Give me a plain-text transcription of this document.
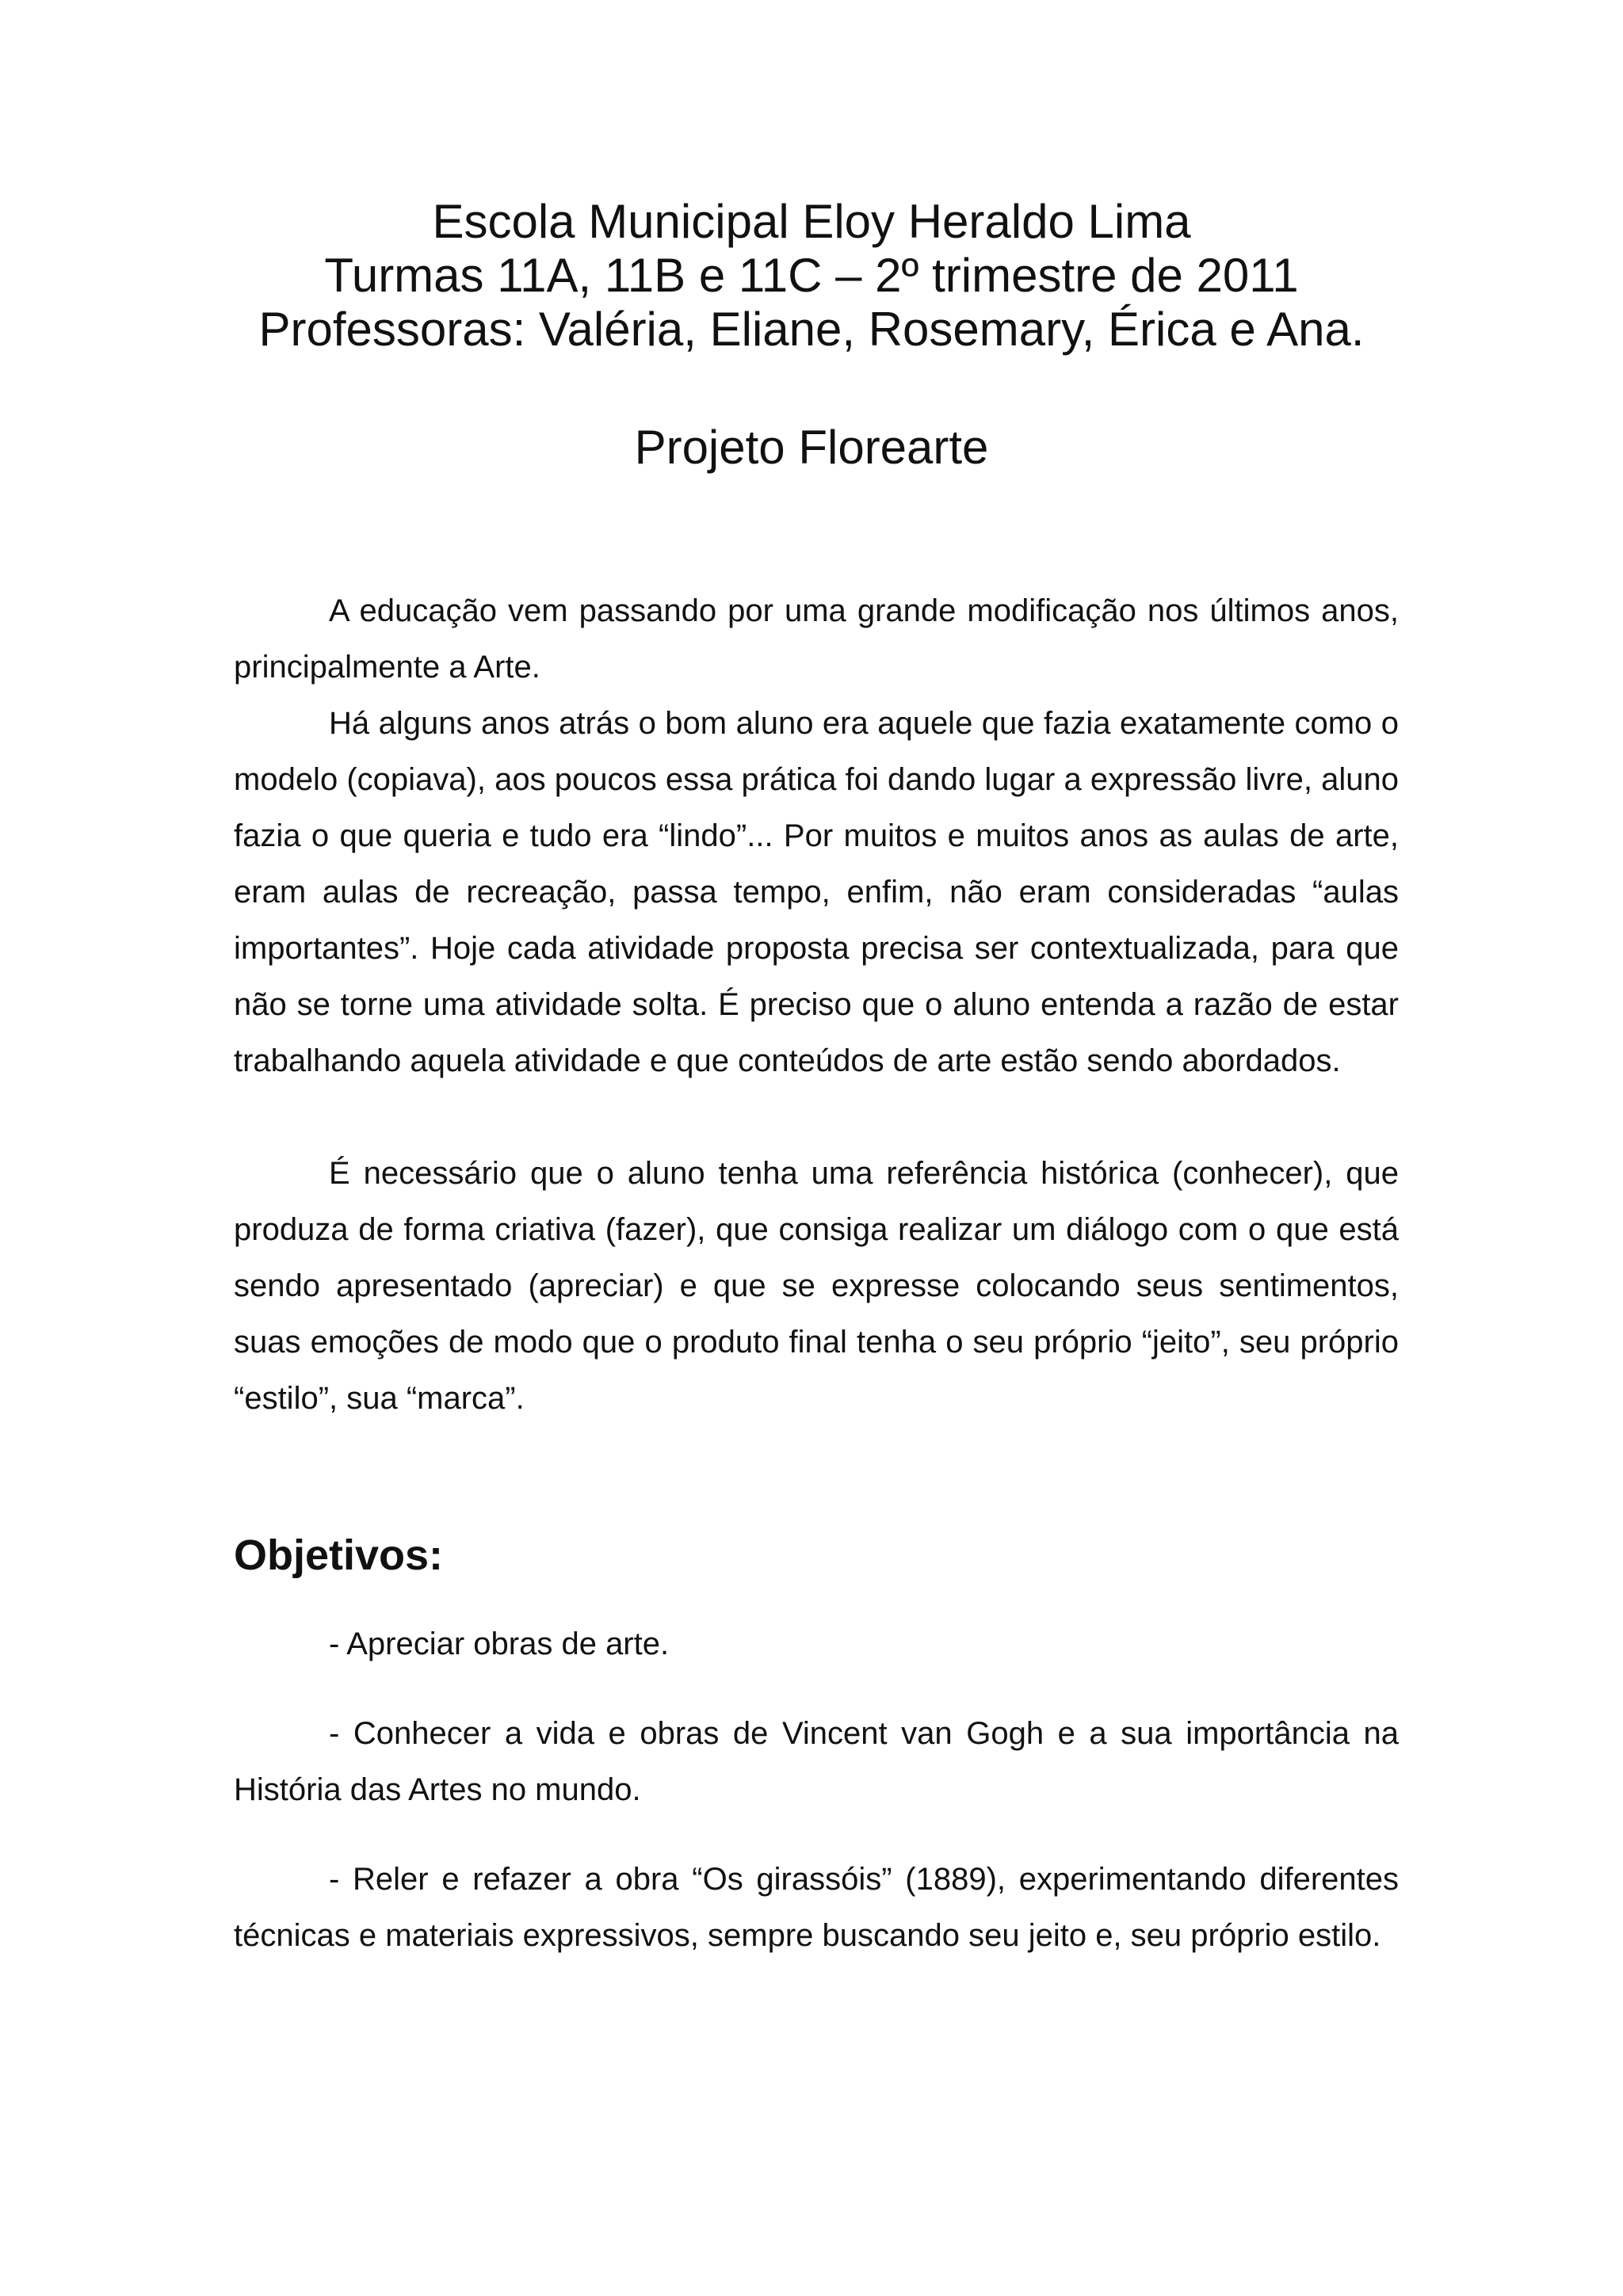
Escola Municipal Eloy Heraldo Lima

Turmas 11A, 11B e 11C – 2º trimestre de 2011

Professoras: Valéria, Eliane, Rosemary, Érica e Ana.

Projeto Florearte

A educação vem passando por uma grande modificação nos últimos anos, principalmente a Arte.

Há alguns anos atrás o bom aluno era aquele que fazia exatamente como o modelo (copiava), aos poucos essa prática foi dando lugar a expressão livre, aluno fazia o que queria e tudo era “lindo”... Por muitos e muitos anos as aulas de arte, eram aulas de recreação, passa tempo, enfim, não eram consideradas “aulas importantes”. Hoje cada atividade proposta precisa ser contextualizada, para que não se torne uma atividade solta. É preciso que o aluno entenda a razão de estar trabalhando aquela atividade e que conteúdos de arte estão sendo abordados.

É necessário que o aluno tenha uma referência histórica (conhecer), que produza de forma criativa (fazer), que consiga realizar um diálogo com o que está sendo apresentado (apreciar) e que se expresse colocando seus sentimentos, suas emoções de modo que o produto final tenha o seu próprio “jeito”, seu próprio “estilo”, sua “marca”.

Objetivos:

- Apreciar obras de arte.

- Conhecer a vida e obras de Vincent van Gogh e a sua importância na História das Artes no mundo.

- Reler e refazer a obra “Os girassóis” (1889), experimentando diferentes técnicas e materiais expressivos, sempre buscando seu jeito e, seu próprio estilo.
